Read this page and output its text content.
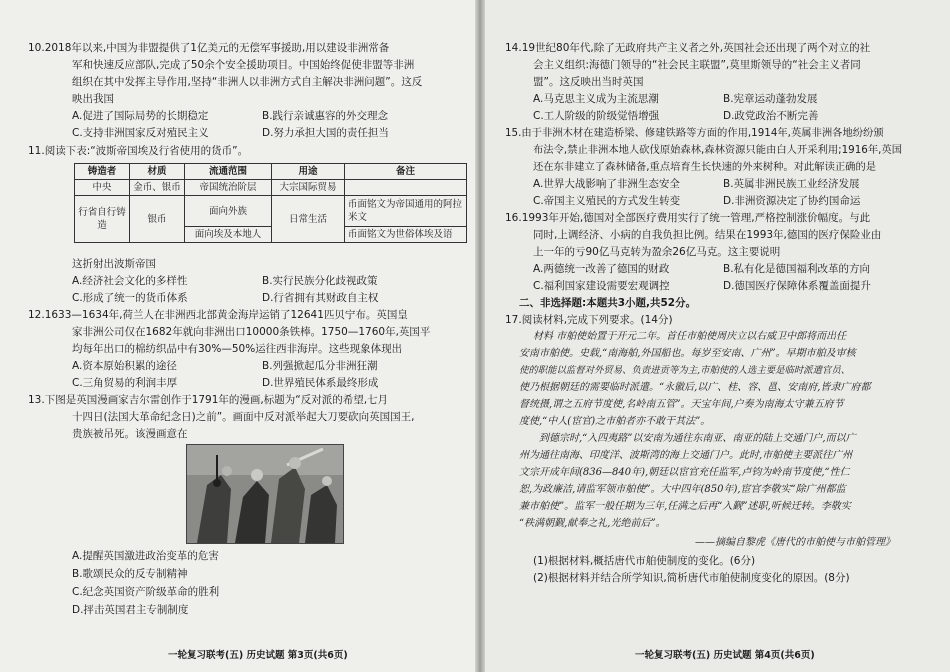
10.2018年以来,中国为非盟提供了1亿美元的无偿军事援助,用以建设非洲常备
军和快速反应部队,完成了50余个安全援助项目。中国始终促使非盟等非洲
组织在其中发挥主导作用,坚持“非洲人以非洲方式自主解决非洲问题”。这反
映出我国
A.促进了国际局势的长期稳定	B.践行亲诚惠容的外交理念
C.支持非洲国家反对殖民主义	D.努力承担大国的责任担当
11.阅读下表:“波斯帝国埃及行省使用的货币”。
铸造者	材质	流通范围	用途	备注
中央	金币、银币	帝国统治阶层	大宗国际贸易	
行省自行铸造	银币	面向外族	日常生活	币面铭文为帝国通用的阿拉米文
		面向埃及本地人		币面铭文为世俗体埃及语
这折射出波斯帝国
A.经济社会文化的多样性	B.实行民族分化歧视政策
C.形成了统一的货币体系	D.行省拥有其财政自主权
12.1633—1634年,荷兰人在非洲西北部黄金海岸运销了12641匹贝宁布。英国皇
家非洲公司仅在1682年就向非洲出口10000条铁棒。1750—1760年,英国平
均每年出口的棉纺织品中有30%—50%运往西非海岸。这些现象体现出
A.资本原始积累的途径	B.列强掀起瓜分非洲狂潮
C.三角贸易的利润丰厚	D.世界殖民体系最终形成
13.下图是英国漫画家吉尔雷创作于1791年的漫画,标题为“反对派的希望,七月
十四日(法国大革命纪念日)之前”。画面中反对派举起大刀要砍向英国国王,
贵族被吊死。该漫画意在
A.提醒英国激进政治变革的危害
B.歌颂民众的反专制精神
C.纪念英国资产阶级革命的胜利
D.抨击英国君主专制制度
一轮复习联考(五) 历史试题 第3页(共6页)
14.19世纪80年代,除了无政府共产主义者之外,英国社会还出现了两个对立的社
会主义组织:海德门领导的“社会民主联盟”,莫里斯领导的“社会主义者同
盟”。这反映出当时英国
A.马克思主义成为主流思潮	B.宪章运动蓬勃发展
C.工人阶级的阶级觉悟增强	D.政党政治不断完善
15.由于非洲木材在建造桥梁、修建铁路等方面的作用,1914年,英属非洲各地纷纷颁
布法令,禁止非洲本地人砍伐原始森林,森林资源只能由白人开采利用;1916年,英国
还在东非建立了森林储备,重点培育生长快速的外来树种。对此解读正确的是
A.世界大战影响了非洲生态安全	B.英属非洲民族工业经济发展
C.帝国主义殖民的方式发生转变	D.非洲资源决定了协约国命运
16.1993年开始,德国对全部医疗费用实行了统一管理,严格控制涨价幅度。与此
同时,上调经济、小病的自我负担比例。结果在1993年,德国的医疗保险业由
上一年的亏90亿马克转为盈余26亿马克。这主要说明
A.两德统一改善了德国的财政	B.私有化是德国福利改革的方向
C.福利国家建设需要宏观调控	D.德国医疗保障体系覆盖面提升
二、非选择题:本题共3小题,共52分。
17.阅读材料,完成下列要求。(14分)
材料 市舶使始置于开元二年。首任市舶使周庆立以右威卫中郎将而出任
安南市舶使。史载,“南海舶,外国船也。每岁至安南、广州”。早期市舶及审核
使的职能以监督对外贸易、负责进贡等为主,市舶使的人选主要是临时派遣官员、
使乃根据朝廷的需要临时派遣。“永徽后,以广、桂、容、邕、安南府,皆隶广府都
督统摄,谓之五府节度使,名岭南五管”。天宝年间,户奏为南海太守兼五府节
度使,“中人(宦官)之市舶者亦不敢干其法”。
到德宗时,“入四夷路”以安南为通往东南亚、南亚的陆上交通门户,而以广
州为通往南海、印度洋、波斯湾的海上交通门户。此时,市舶使主要派往广州
文宗开成年间(836—840年),朝廷以宦官充任监军,卢钧为岭南节度使,“性仁
恕,为政廉洁,请监军领市舶使”。大中四年(850年),宦官李敬实“除广州都监
兼市舶使”。监军一般任期为三年,任满之后再“入觐”述职,听候迁转。李敬实
“秩满朝觐,献奉之礼,光绝前后”。
——摘编自黎虎《唐代的市舶使与市舶管理》
(1)根据材料,概括唐代市舶使制度的变化。(6分)
(2)根据材料并结合所学知识,简析唐代市舶使制度变化的原因。(8分)
一轮复习联考(五) 历史试题 第4页(共6页)
